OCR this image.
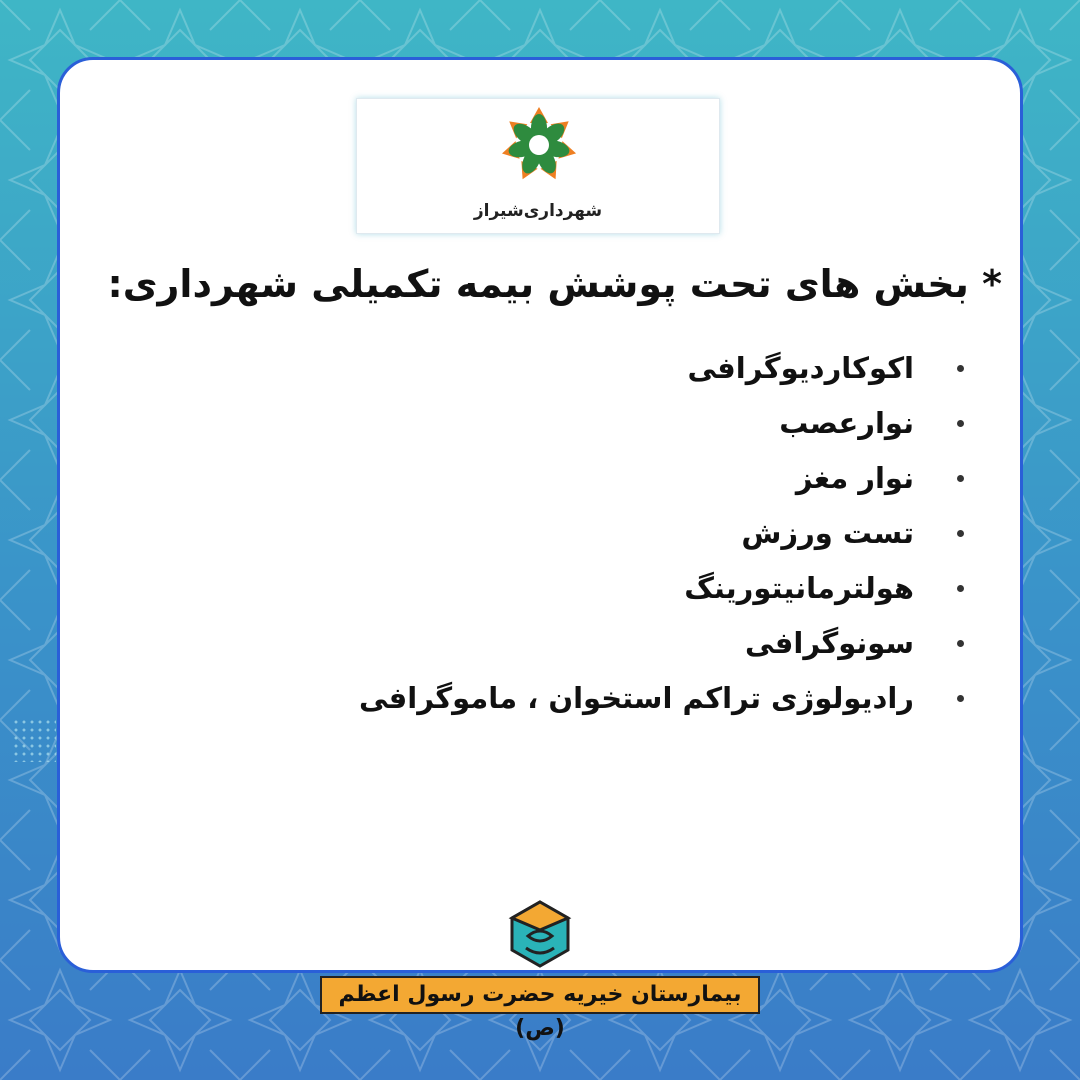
شهرداری‌شیراز
* بخش های تحت پوشش بیمه تکمیلی شهرداری:
اکوکاردیوگرافی
نوارعصب
نوار مغز
تست ورزش
هولترمانیتورینگ
سونوگرافی
رادیولوژی تراکم استخوان ، ماموگرافی
بیمارستان خیریه حضرت رسول اعظم (ص)
